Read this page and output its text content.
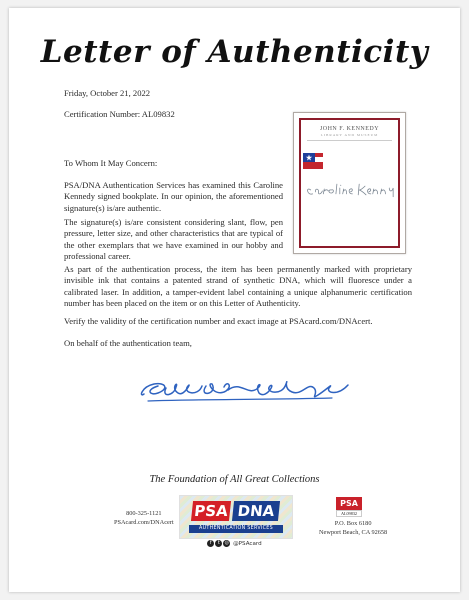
Letter of Authenticity
Friday, October 21, 2022
Certification Number: AL09832
To Whom It May Concern:
PSA/DNA Authentication Services has examined this Caroline Kennedy signed bookplate. In our opinion, the aforementioned signature(s) is/are authentic.
The signature(s) is/are consistent considering slant, flow, pen pressure, letter size, and other characteristics that are typical of the other exemplars that we have examined in our hobby and professional career.
As part of the authentication process, the item has been permanently marked with proprietary invisible ink that contains a patented strand of synthetic DNA, which will fluoresce under a calibrated laser. In addition, a tamper-evident label containing a unique alphanumeric certification number has been placed on the item or on this Letter of Authenticity.
Verify the validity of the certification number and exact image at PSAcard.com/DNAcert.
On behalf of the authentication team,
JOHN F. KENNEDY
LIBRARY AND MUSEUM
The Foundation of All Great Collections
800-325-1121
PSAcard.com/DNAcert
PSA DNA
AUTHENTICATION SERVICES
f t ◎ @PSAcard
PSA
AL09832
P.O. Box 6180
Newport Beach, CA 92658
